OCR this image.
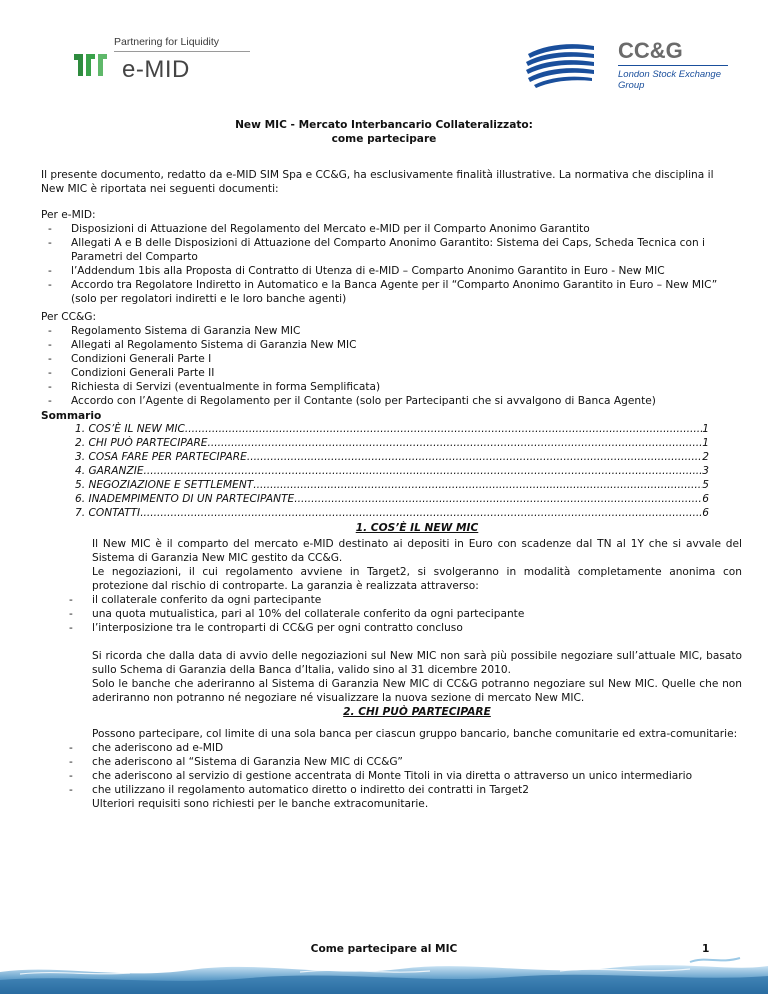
Partnering for Liquidity
e-MID
CC&G
London Stock Exchange Group
New MIC - Mercato Interbancario Collateralizzato:
come partecipare
Il presente documento, redatto da e-MID SIM Spa e CC&G, ha esclusivamente finalità illustrative. La normativa che disciplina il New MIC è riportata nei seguenti documenti:
Per e-MID:
- Disposizioni di Attuazione del Regolamento del Mercato e-MID per il Comparto Anonimo Garantito
- Allegati A e B delle Disposizioni di Attuazione del Comparto Anonimo Garantito: Sistema dei Caps, Scheda Tecnica con i Parametri del Comparto
- l’Addendum 1bis alla Proposta di Contratto di Utenza di e-MID – Comparto Anonimo Garantito in Euro - New MIC
- Accordo tra Regolatore Indiretto in Automatico e la Banca Agente per il “Comparto Anonimo Garantito in Euro – New MIC” (solo per regolatori indiretti e le loro banche agenti)
Per CC&G:
- Regolamento Sistema di Garanzia New MIC
- Allegati al Regolamento Sistema di Garanzia New MIC
- Condizioni Generali Parte I
- Condizioni Generali Parte II
- Richiesta di Servizi (eventualmente in forma Semplificata)
- Accordo con l’Agente di Regolamento per il Contante (solo per Partecipanti che si avvalgono di Banca Agente)
Sommario
1. COS’È IL NEW MIC .....	1
2. CHI PUÒ PARTECIPARE .....	1
3. COSA FARE PER PARTECIPARE .....	2
4. GARANZIE .....	3
5. NEGOZIAZIONE E SETTLEMENT .....	5
6. INADEMPIMENTO DI UN PARTECIPANTE .....	6
7. CONTATTI .....	6
1. COS’È IL NEW MIC
Il New MIC è il comparto del mercato e-MID destinato ai depositi in Euro con scadenze dal TN al 1Y che si avvale del Sistema di Garanzia New MIC gestito da CC&G.
Le negoziazioni, il cui regolamento avviene in Target2, si svolgeranno in modalità completamente anonima con protezione dal rischio di controparte. La garanzia è realizzata attraverso:
- il collaterale conferito da ogni partecipante
- una quota mutualistica, pari al 10% del collaterale conferito da ogni partecipante
- l’interposizione tra le controparti di CC&G per ogni contratto concluso
Si ricorda che dalla data di avvio delle negoziazioni sul New MIC non sarà più possibile negoziare sull’attuale MIC, basato sullo Schema di Garanzia della Banca d’Italia, valido sino al 31 dicembre 2010.
Solo le banche che aderiranno al Sistema di Garanzia New MIC di CC&G potranno negoziare sul New MIC. Quelle che non aderiranno non potranno né negoziare né visualizzare la nuova sezione di mercato New MIC.
2. CHI PUÒ PARTECIPARE
Possono partecipare, col limite di una sola banca per ciascun gruppo bancario, banche comunitarie ed extra-comunitarie:
- che aderiscono ad e-MID
- che aderiscono al “Sistema di Garanzia New MIC di CC&G”
- che aderiscono al servizio di gestione accentrata di Monte Titoli in via diretta o attraverso un unico intermediario
- che utilizzano il regolamento automatico diretto o indiretto dei contratti in Target2
Ulteriori requisiti sono richiesti per le banche extracomunitarie.
Come partecipare al MIC	1
